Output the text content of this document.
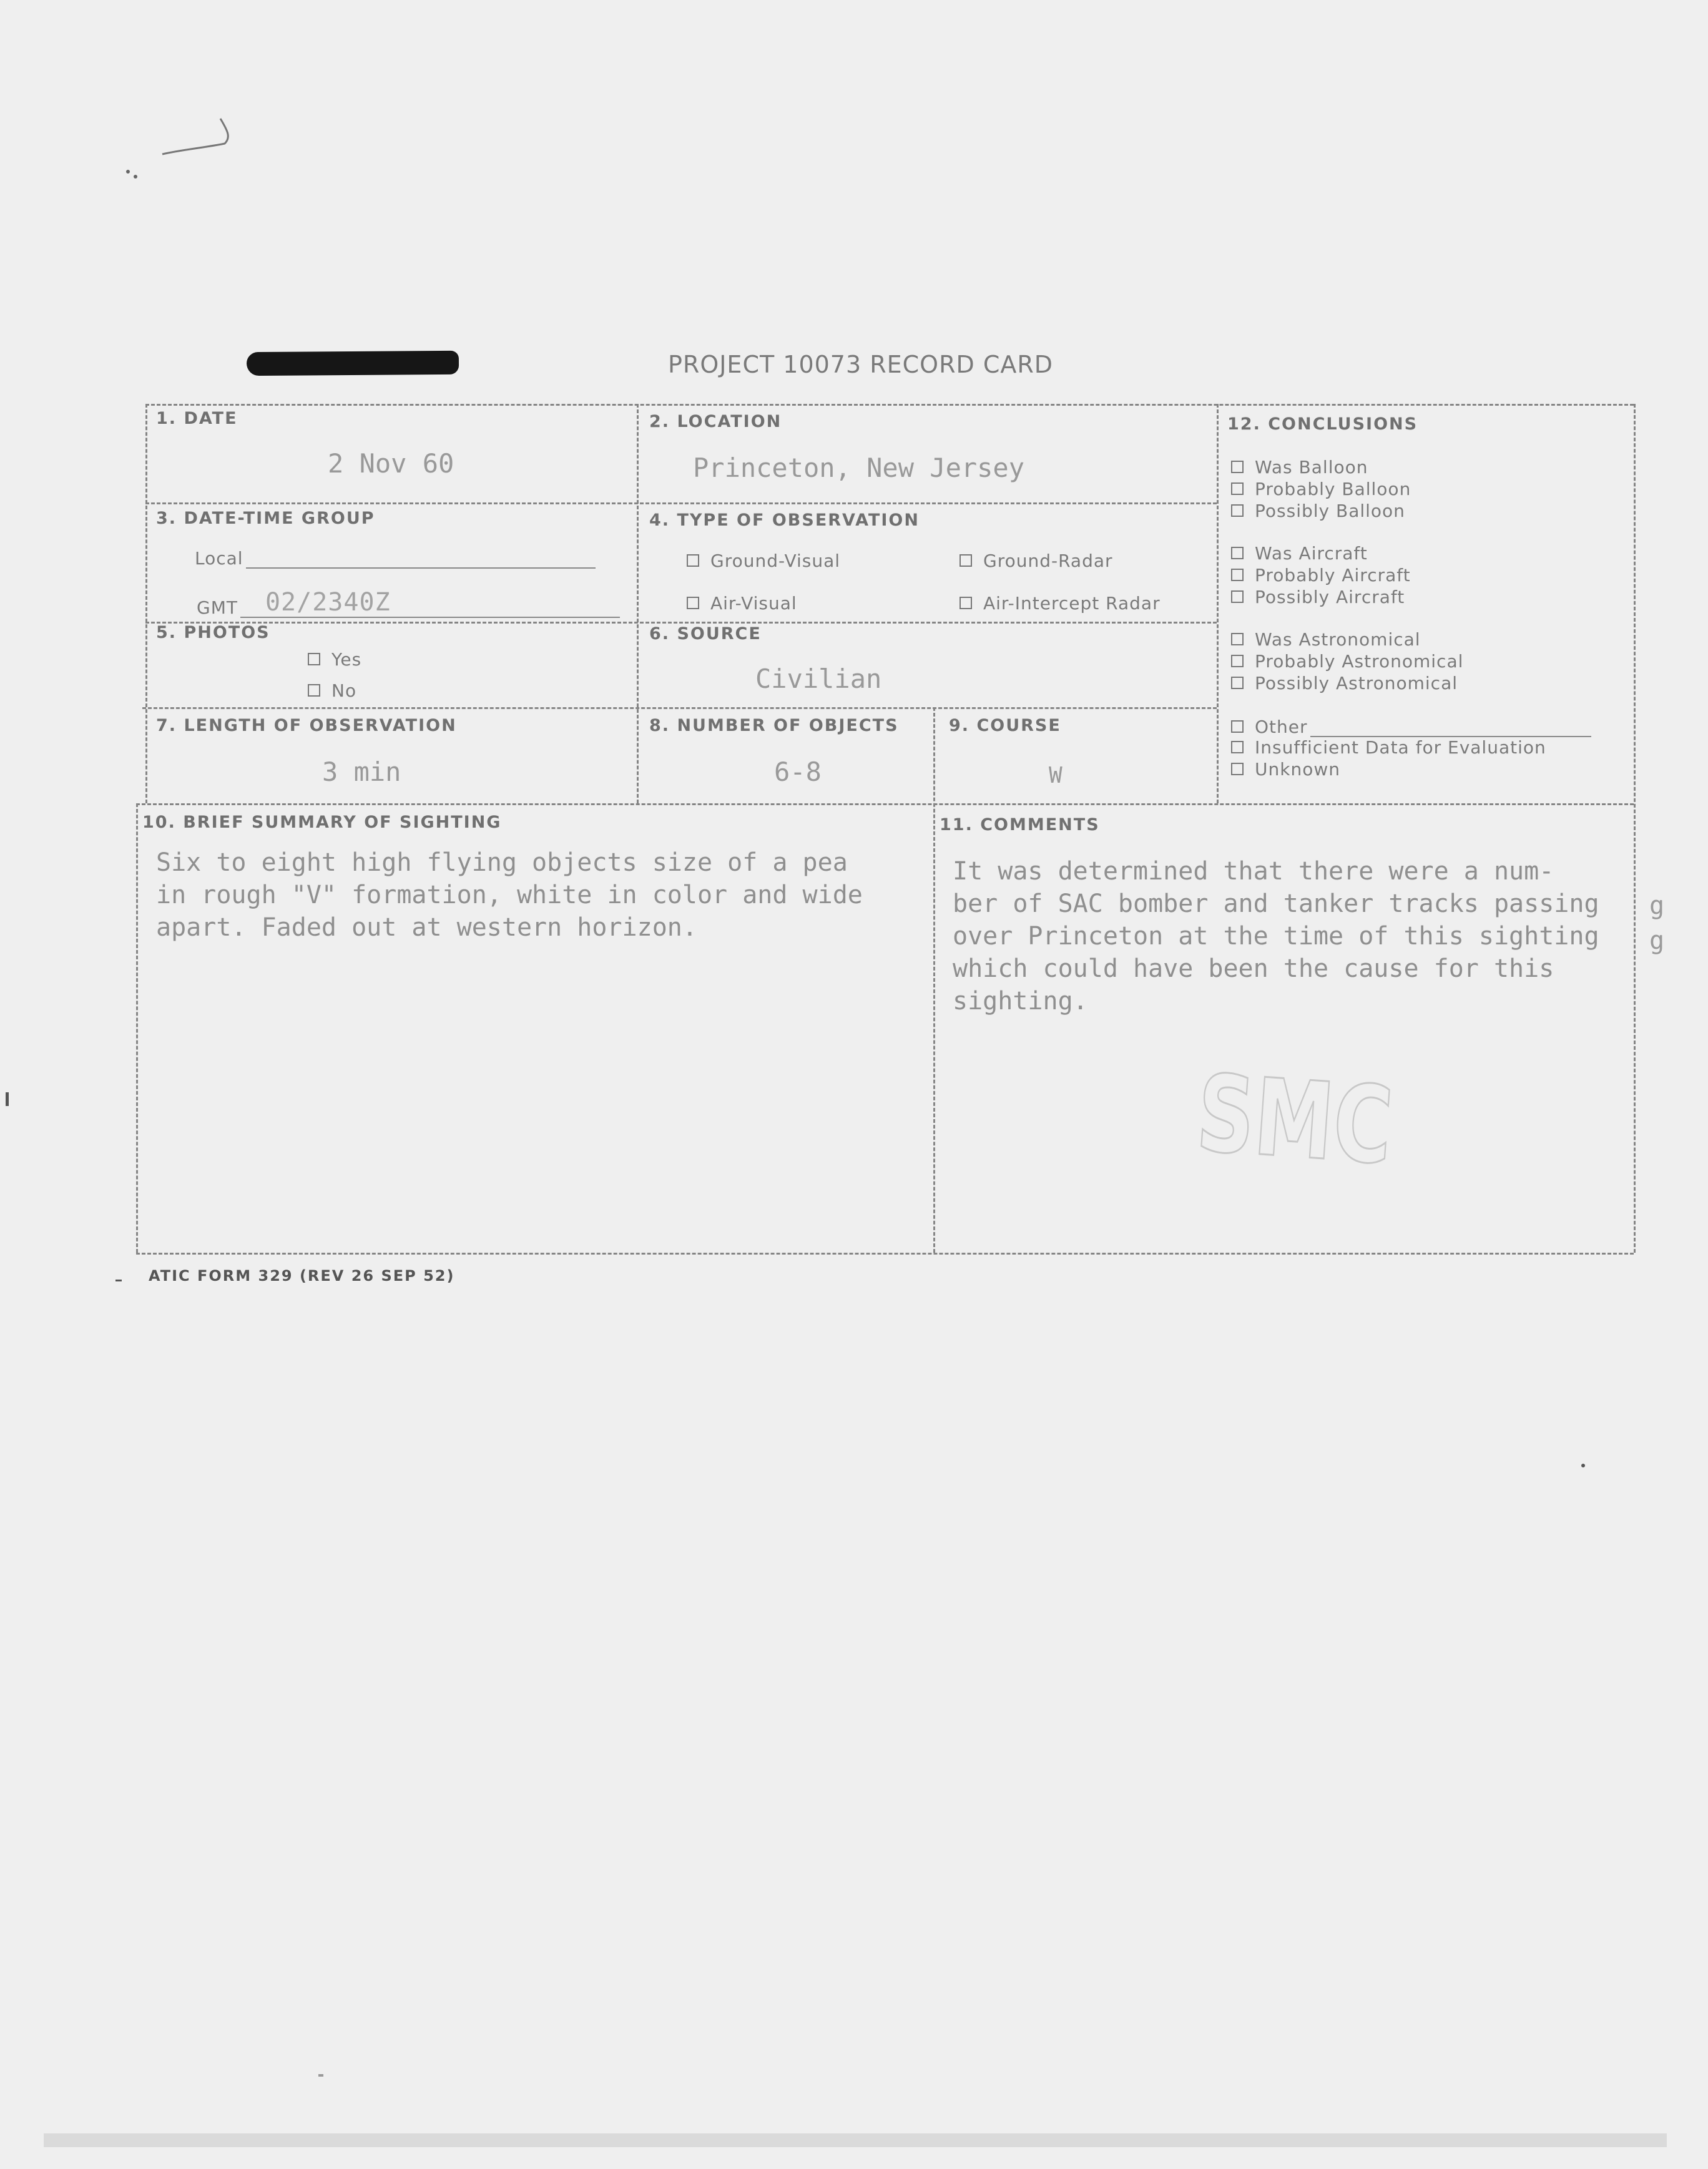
PROJECT 10073 RECORD CARD
1. DATE
2 Nov 60
2. LOCATION
Princeton, New Jersey
3. DATE-TIME GROUP
Local
GMT 02/2340Z
4. TYPE OF OBSERVATION
Ground-Visual	Ground-Radar
Air-Visual	Air-Intercept Radar
5. PHOTOS
Yes
No
6. SOURCE
Civilian
7. LENGTH OF OBSERVATION
3 min
8. NUMBER OF OBJECTS
6-8
9. COURSE
W
10. BRIEF SUMMARY OF SIGHTING
Six to eight high flying objects size of a pea
in rough "V" formation, white in color and wide
apart. Faded out at western horizon.
11. COMMENTS
It was determined that there were a num-
ber of SAC bomber and tanker tracks passing
over Princeton at the time of this sighting
which could have been the cause for this
sighting.
g
g
12. CONCLUSIONS
Was Balloon
Probably Balloon
Possibly Balloon
Was Aircraft
Probably Aircraft
Possibly Aircraft
Was Astronomical
Probably Astronomical
Possibly Astronomical
Other
Insufficient Data for Evaluation
Unknown
SMC
ATIC FORM 329 (REV 26 SEP 52)
